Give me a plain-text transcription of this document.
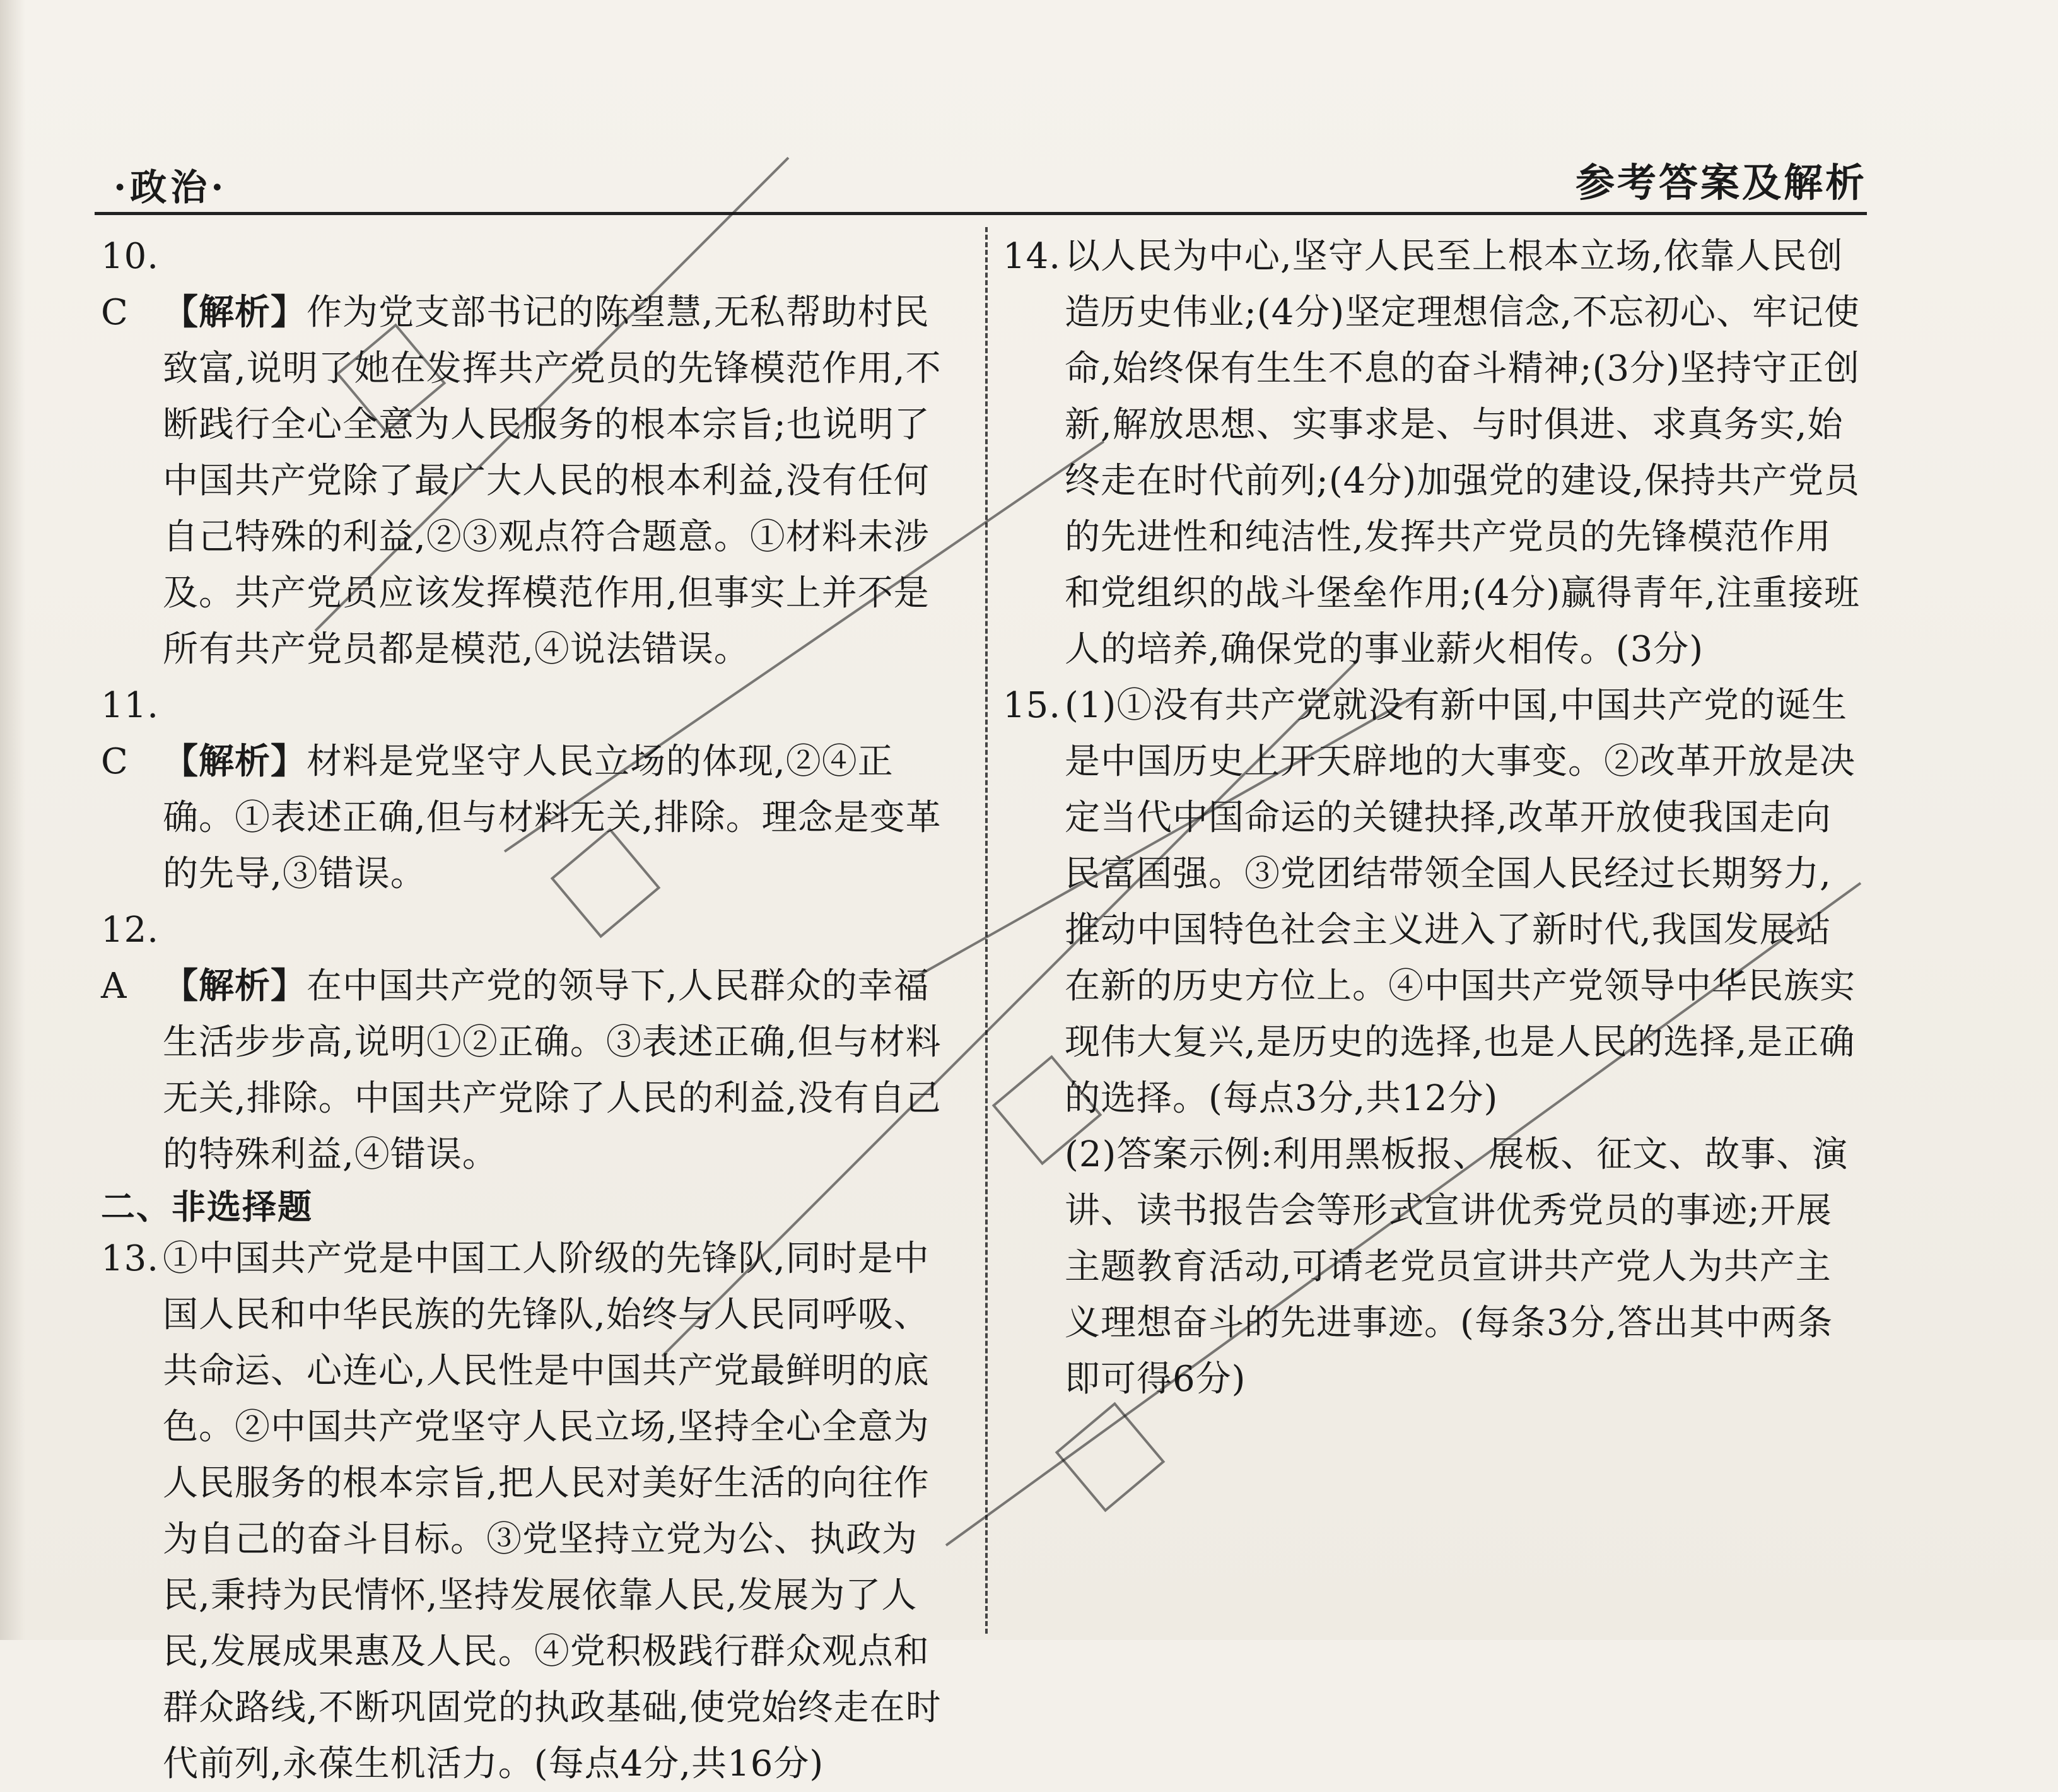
·政治·	参考答案及解析

10.C 【解析】作为党支部书记的陈望慧,无私帮助村民致富,说明了她在发挥共产党员的先锋模范作用,不断践行全心全意为人民服务的根本宗旨;也说明了中国共产党除了最广大人民的根本利益,没有任何自己特殊的利益,②③观点符合题意。①材料未涉及。共产党员应该发挥模范作用,但事实上并不是所有共产党员都是模范,④说法错误。

11.C 【解析】材料是党坚守人民立场的体现,②④正确。①表述正确,但与材料无关,排除。理念是变革的先导,③错误。

12.A 【解析】在中国共产党的领导下,人民群众的幸福生活步步高,说明①②正确。③表述正确,但与材料无关,排除。中国共产党除了人民的利益,没有自己的特殊利益,④错误。

二、非选择题

13. ①中国共产党是中国工人阶级的先锋队,同时是中国人民和中华民族的先锋队,始终与人民同呼吸、共命运、心连心,人民性是中国共产党最鲜明的底色。②中国共产党坚守人民立场,坚持全心全意为人民服务的根本宗旨,把人民对美好生活的向往作为自己的奋斗目标。③党坚持立党为公、执政为民,秉持为民情怀,坚持发展依靠人民,发展为了人民,发展成果惠及人民。④党积极践行群众观点和群众路线,不断巩固党的执政基础,使党始终走在时代前列,永葆生机活力。(每点4分,共16分)

14. 以人民为中心,坚守人民至上根本立场,依靠人民创造历史伟业;(4分)坚定理想信念,不忘初心、牢记使命,始终保有生生不息的奋斗精神;(3分)坚持守正创新,解放思想、实事求是、与时俱进、求真务实,始终走在时代前列;(4分)加强党的建设,保持共产党员的先进性和纯洁性,发挥共产党员的先锋模范作用和党组织的战斗堡垒作用;(4分)赢得青年,注重接班人的培养,确保党的事业薪火相传。(3分)

15. (1)①没有共产党就没有新中国,中国共产党的诞生是中国历史上开天辟地的大事变。②改革开放是决定当代中国命运的关键抉择,改革开放使我国走向民富国强。③党团结带领全国人民经过长期努力,推动中国特色社会主义进入了新时代,我国发展站在新的历史方位上。④中国共产党领导中华民族实现伟大复兴,是历史的选择,也是人民的选择,是正确的选择。(每点3分,共12分)

(2)答案示例:利用黑板报、展板、征文、故事、演讲、读书报告会等形式宣讲优秀党员的事迹;开展主题教育活动,可请老党员宣讲共产党人为共产主义理想奋斗的先进事迹。(每条3分,答出其中两条即可得6分)
